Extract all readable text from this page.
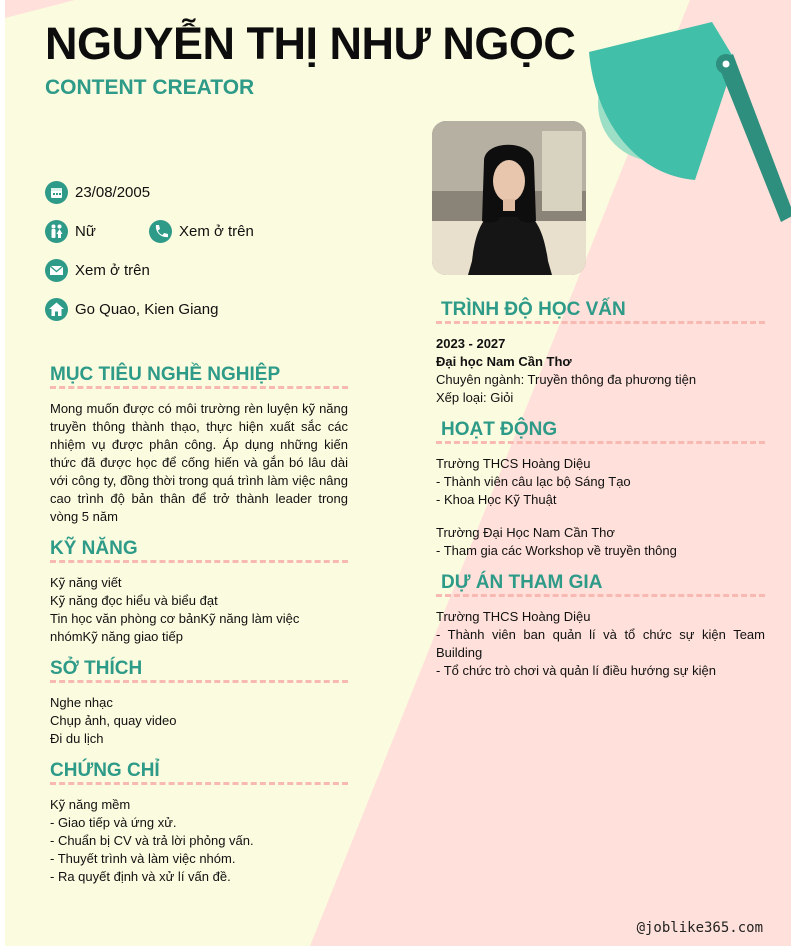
NGUYỄN THỊ NHƯ NGỌC
CONTENT CREATOR
23/08/2005
Nữ	Xem ở trên
Xem ở trên
Go Quao, Kien Giang
MỤC TIÊU NGHỀ NGHIỆP
Mong muốn được có môi trường rèn luyện kỹ năng truyền thông thành thạo, thực hiện xuất sắc các nhiệm vụ được phân công. Áp dụng những kiến thức đã được học để cống hiến và gắn bó lâu dài với công ty, đồng thời trong quá trình làm việc nâng cao trình độ bản thân để trở thành leader trong vòng 5 năm
KỸ NĂNG
Kỹ năng viết
Kỹ năng đọc hiểu và biểu đạt
Tin học văn phòng cơ bảnKỹ năng làm việc nhómKỹ năng giao tiếp
SỞ THÍCH
Nghe nhạc
Chụp ảnh, quay video
Đi du lịch
CHỨNG CHỈ
Kỹ năng mềm
- Giao tiếp và ứng xử.
- Chuẩn bị CV và trả lời phỏng vấn.
- Thuyết trình và làm việc nhóm.
- Ra quyết định và xử lí vấn đề.
TRÌNH ĐỘ HỌC VẤN
2023 - 2027
Đại học Nam Cần Thơ
Chuyên ngành: Truyền thông đa phương tiện
Xếp loại: Giỏi
HOẠT ĐỘNG
Trường THCS Hoàng Diệu
- Thành viên câu lạc bộ Sáng Tạo
- Khoa Học Kỹ Thuật
Trường Đại Học Nam Cần Thơ
- Tham gia các Workshop về truyền thông
DỰ ÁN THAM GIA
Trường THCS Hoàng Diệu
- Thành viên ban quản lí và tổ chức sự kiện Team Building
- Tổ chức trò chơi và quản lí điều hướng sự kiện
@joblike365.com
